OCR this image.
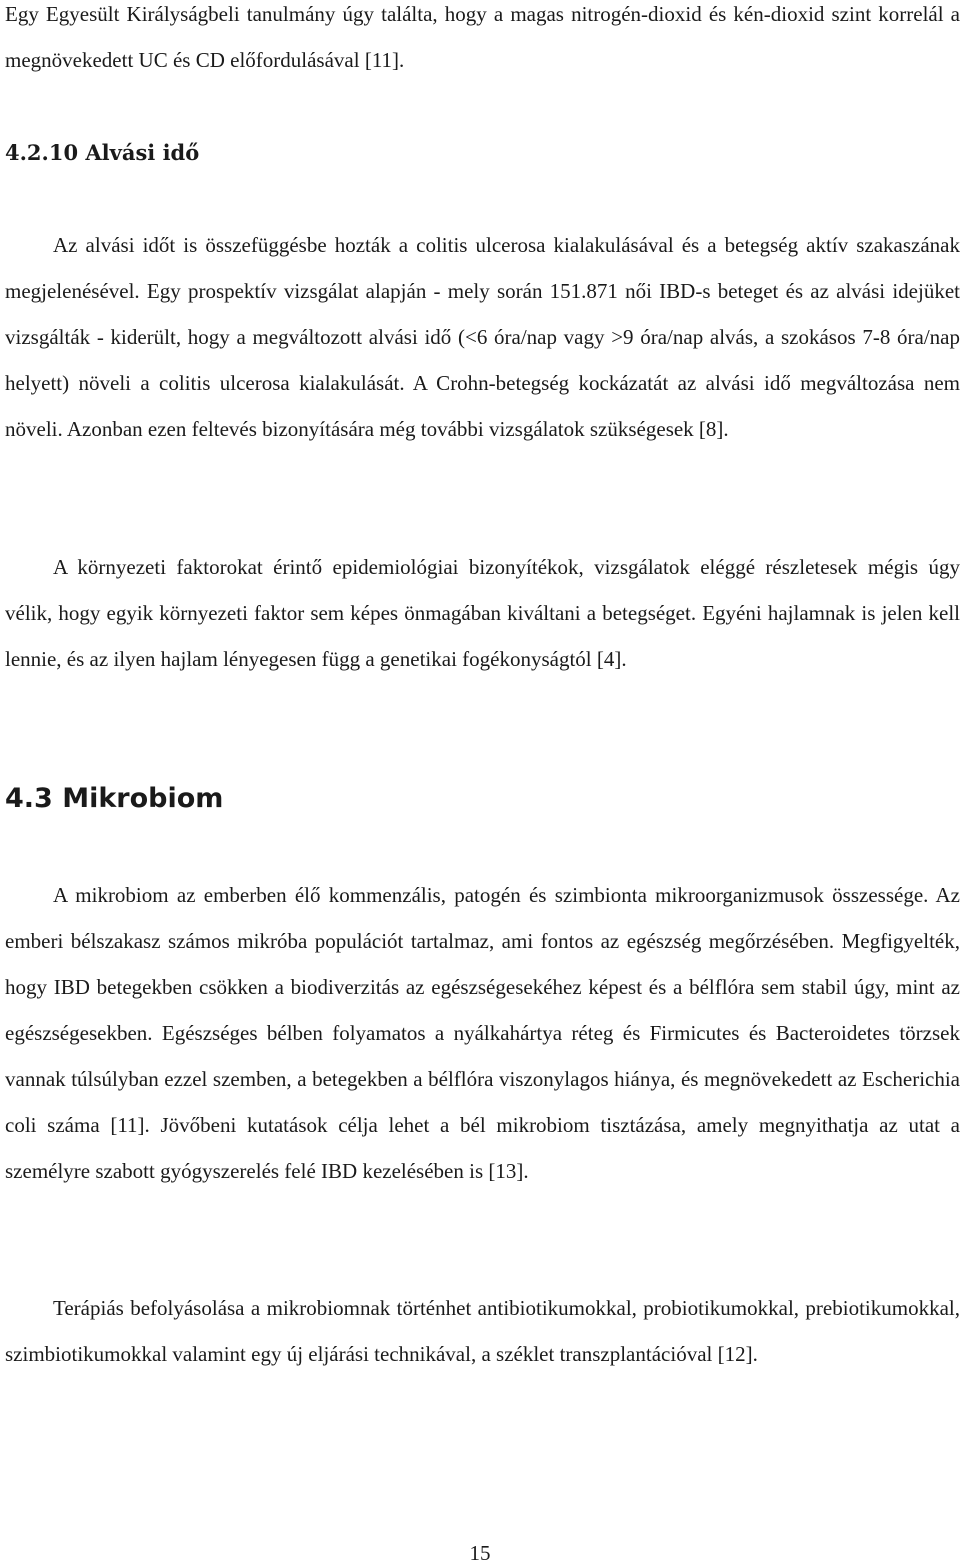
Egy Egyesült Királyságbeli tanulmány úgy találta, hogy a magas nitrogén-dioxid és kén-dioxid szint korrelál a megnövekedett UC és CD előfordulásával [11].

4.2.10 Alvási idő

Az alvási időt is összefüggésbe hozták a colitis ulcerosa kialakulásával és a betegség aktív szakaszának megjelenésével. Egy prospektív vizsgálat alapján - mely során 151.871 női IBD-s beteget és az alvási idejüket vizsgálták - kiderült, hogy a megváltozott alvási idő (<6 óra/nap vagy >9 óra/nap alvás, a szokásos 7-8 óra/nap helyett) növeli a colitis ulcerosa kialakulását. A Crohn-betegség kockázatát az alvási idő megváltozása nem növeli. Azonban ezen feltevés bizonyítására még további vizsgálatok szükségesek [8].

A környezeti faktorokat érintő epidemiológiai bizonyítékok, vizsgálatok eléggé részletesek mégis úgy vélik, hogy egyik környezeti faktor sem képes önmagában kiváltani a betegséget. Egyéni hajlamnak is jelen kell lennie, és az ilyen hajlam lényegesen függ a genetikai fogékonyságtól [4].

4.3 Mikrobiom

A mikrobiom az emberben élő kommenzális, patogén és szimbionta mikroorganizmusok összessége. Az emberi bélszakasz számos mikróba populációt tartalmaz, ami fontos az egészség megőrzésében. Megfigyelték, hogy IBD betegekben csökken a biodiverzitás az egészségesekéhez képest és a bélflóra sem stabil úgy, mint az egészségesekben. Egészséges bélben folyamatos a nyálkahártya réteg és Firmicutes és Bacteroidetes törzsek vannak túlsúlyban ezzel szemben, a betegekben a bélflóra viszonylagos hiánya, és megnövekedett az Escherichia coli száma [11]. Jövőbeni kutatások célja lehet a bél mikrobiom tisztázása, amely megnyithatja az utat a személyre szabott gyógyszerelés felé IBD kezelésében is [13].

Terápiás befolyásolása a mikrobiomnak történhet antibiotikumokkal, probiotikumokkal, prebiotikumokkal, szimbiotikumokkal valamint egy új eljárási technikával, a széklet transzplantációval [12].

15
